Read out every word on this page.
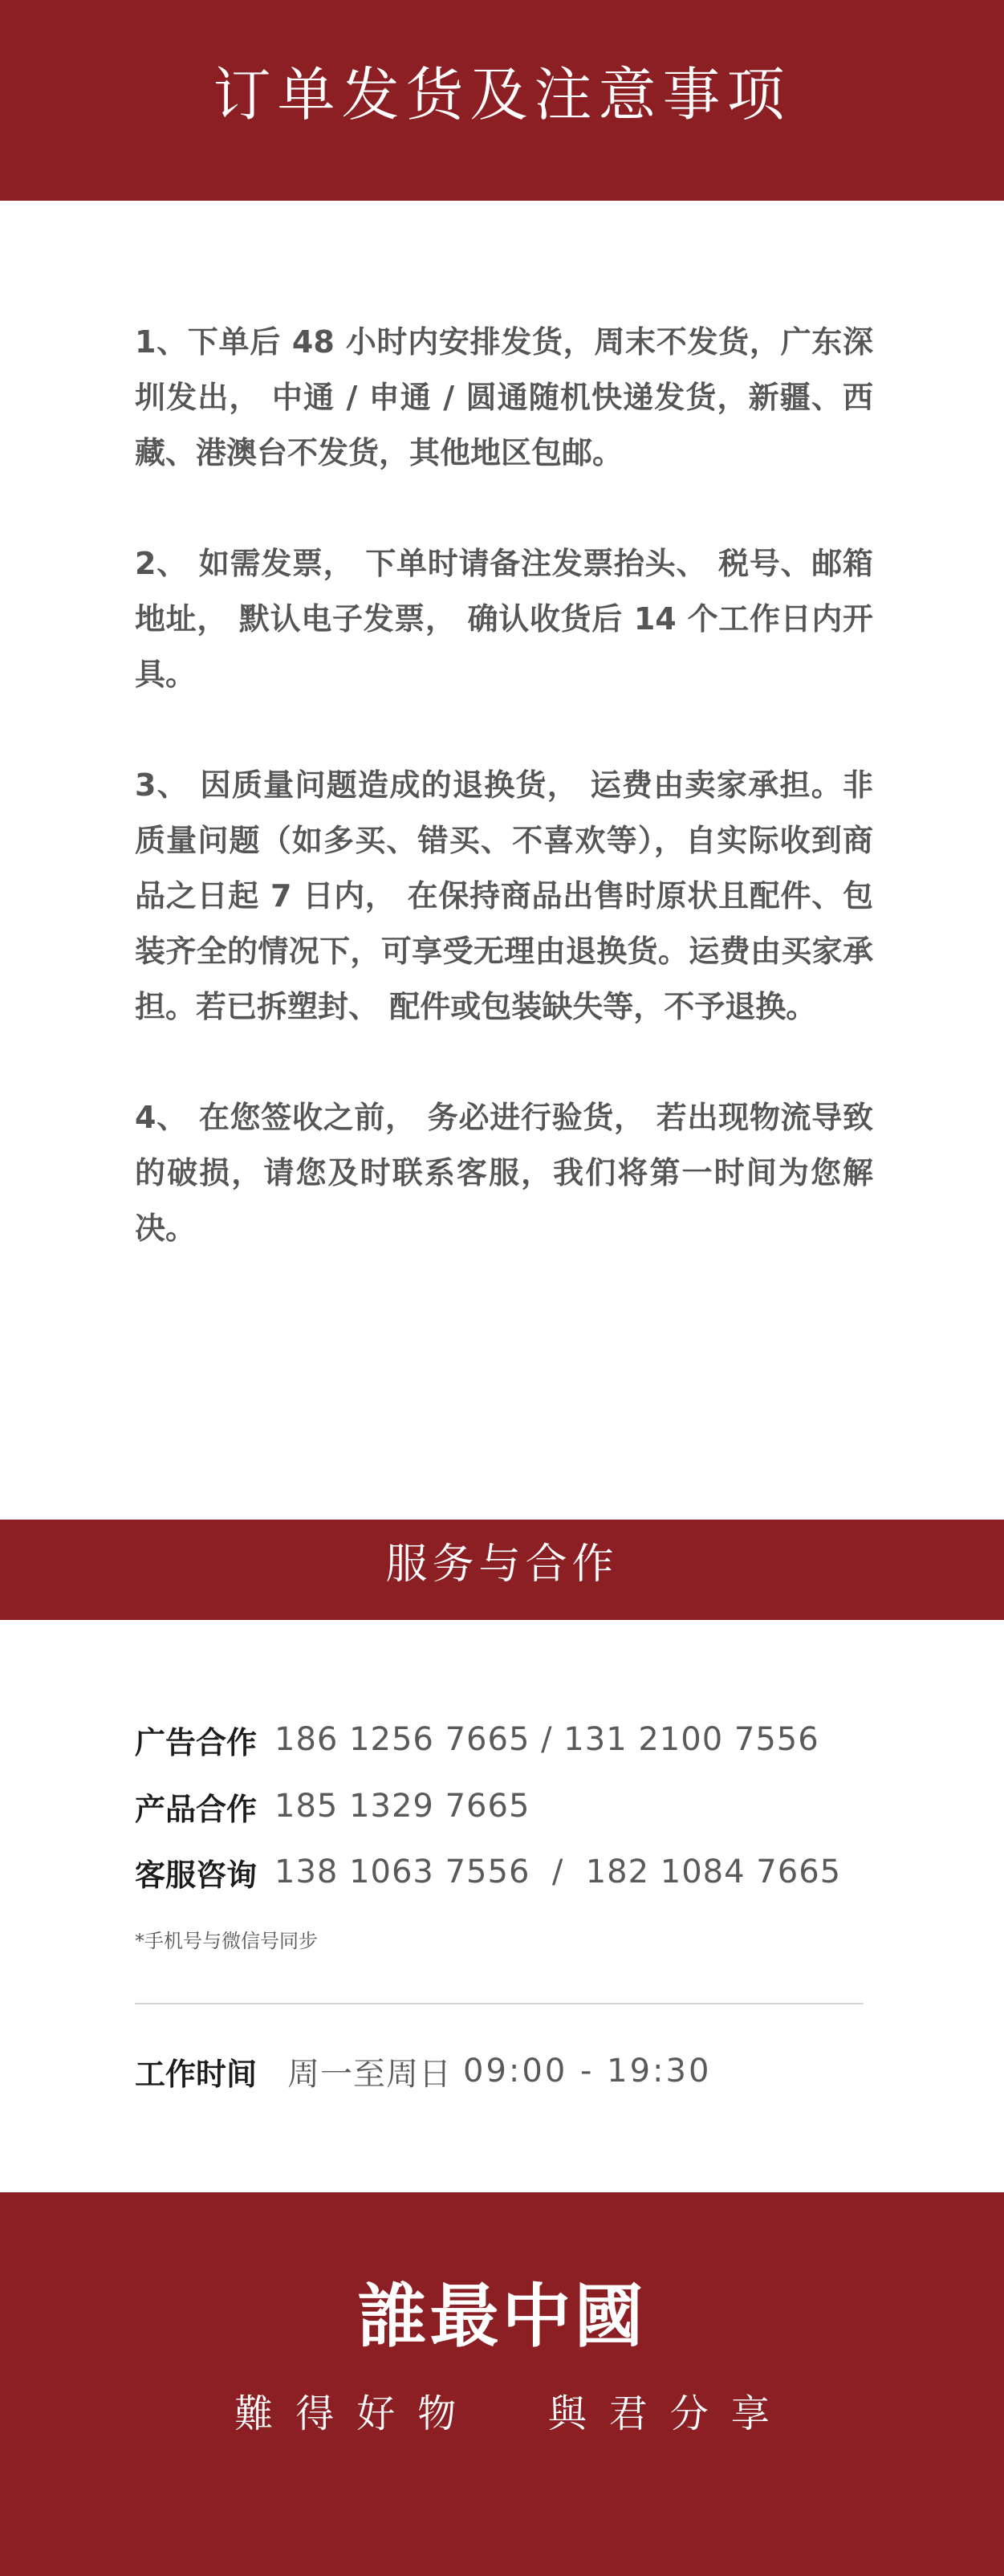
订单发货及注意事项

1、下单后 48 小时内安排发货，周末不发货，广东深圳发出， 中通 / 申通 / 圆通随机快递发货，新疆、西藏、港澳台不发货，其他地区包邮。

2、 如需发票， 下单时请备注发票抬头、 税号、邮箱地址， 默认电子发票， 确认收货后 14 个工作日内开具。

3、 因质量问题造成的退换货， 运费由卖家承担。非质量问题（如多买、错买、不喜欢等），自实际收到商品之日起 7 日内， 在保持商品出售时原状且配件、包装齐全的情况下，可享受无理由退换货。运费由买家承担。若已拆塑封、 配件或包装缺失等，不予退换。

4、 在您签收之前， 务必进行验货， 若出现物流导致的破损，请您及时联系客服，我们将第一时间为您解决。

服务与合作
广告合作 186 1256 7665 / 131 2100 7556
产品合作 185 1329 7665
客服咨询 138 1063 7556  /  182 1084 7665
*手机号与微信号同步
工作时间 周一至周日 09:00 - 19:30
誰最中國
難得好物  與君分享
